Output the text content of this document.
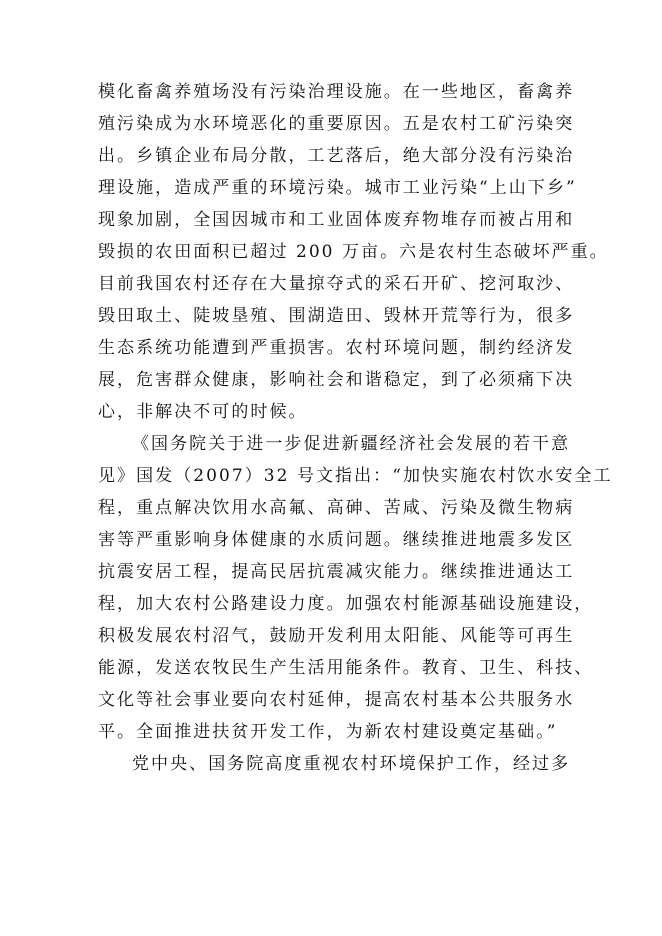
模化畜禽养殖场没有污染治理设施。在一些地区，畜禽养
殖污染成为水环境恶化的重要原因。五是农村工矿污染突
出。乡镇企业布局分散，工艺落后，绝大部分没有污染治
理设施，造成严重的环境污染。城市工业污染“上山下乡”
现象加剧，全国因城市和工业固体废弃物堆存而被占用和
毁损的农田面积已超过 200 万亩。六是农村生态破坏严重。
目前我国农村还存在大量掠夺式的采石开矿、挖河取沙、
毁田取土、陡坡垦殖、围湖造田、毁林开荒等行为，很多
生态系统功能遭到严重损害。农村环境问题，制约经济发
展，危害群众健康，影响社会和谐稳定，到了必须痛下决
心，非解决不可的时候。
《国务院关于进一步促进新疆经济社会发展的若干意
见》国发（2007）32 号文指出：“加快实施农村饮水安全工
程，重点解决饮用水高氟、高砷、苦咸、污染及微生物病
害等严重影响身体健康的水质问题。继续推进地震多发区
抗震安居工程，提高民居抗震减灾能力。继续推进通达工
程，加大农村公路建设力度。加强农村能源基础设施建设，
积极发展农村沼气，鼓励开发利用太阳能、风能等可再生
能源，发送农牧民生产生活用能条件。教育、卫生、科技、
文化等社会事业要向农村延伸，提高农村基本公共服务水
平。全面推进扶贫开发工作，为新农村建设奠定基础。”
党中央、国务院高度重视农村环境保护工作，经过多
